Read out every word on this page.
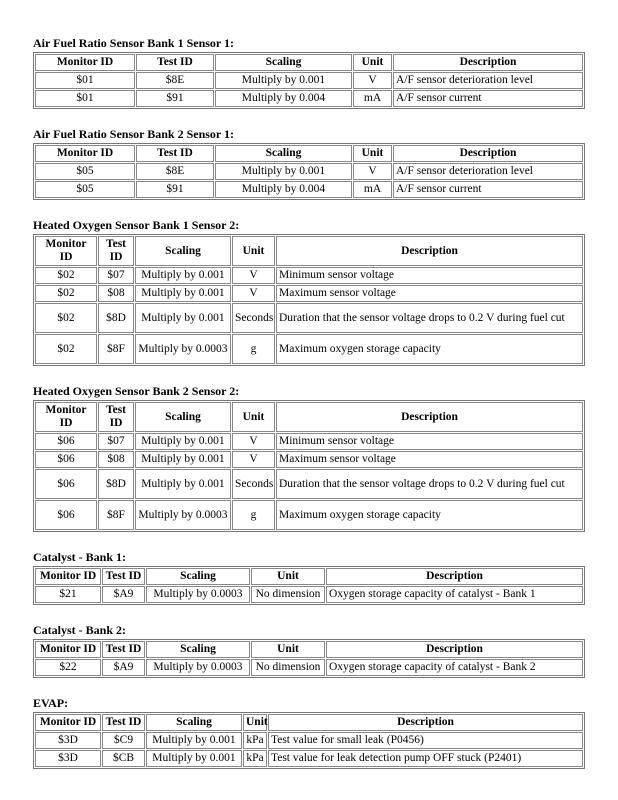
Air Fuel Ratio Sensor Bank 1 Sensor 1:
Monitor ID	Test ID	Scaling	Unit	Description
$01	$8E	Multiply by 0.001	V	A/F sensor deterioration level
$01	$91	Multiply by 0.004	mA	A/F sensor current
Air Fuel Ratio Sensor Bank 2 Sensor 1:
Monitor ID	Test ID	Scaling	Unit	Description
$05	$8E	Multiply by 0.001	V	A/F sensor deterioration level
$05	$91	Multiply by 0.004	mA	A/F sensor current
Heated Oxygen Sensor Bank 1 Sensor 2:
Monitor ID	Test ID	Scaling	Unit	Description
$02	$07	Multiply by 0.001	V	Minimum sensor voltage
$02	$08	Multiply by 0.001	V	Maximum sensor voltage
$02	$8D	Multiply by 0.001	Seconds	Duration that the sensor voltage drops to 0.2 V during fuel cut
$02	$8F	Multiply by 0.0003	g	Maximum oxygen storage capacity
Heated Oxygen Sensor Bank 2 Sensor 2:
Monitor ID	Test ID	Scaling	Unit	Description
$06	$07	Multiply by 0.001	V	Minimum sensor voltage
$06	$08	Multiply by 0.001	V	Maximum sensor voltage
$06	$8D	Multiply by 0.001	Seconds	Duration that the sensor voltage drops to 0.2 V during fuel cut
$06	$8F	Multiply by 0.0003	g	Maximum oxygen storage capacity
Catalyst - Bank 1:
Monitor ID	Test ID	Scaling	Unit	Description
$21	$A9	Multiply by 0.0003	No dimension	Oxygen storage capacity of catalyst - Bank 1
Catalyst - Bank 2:
Monitor ID	Test ID	Scaling	Unit	Description
$22	$A9	Multiply by 0.0003	No dimension	Oxygen storage capacity of catalyst - Bank 2
EVAP:
Monitor ID	Test ID	Scaling	Unit	Description
$3D	$C9	Multiply by 0.001	kPa	Test value for small leak (P0456)
$3D	$CB	Multiply by 0.001	kPa	Test value for leak detection pump OFF stuck (P2401)
